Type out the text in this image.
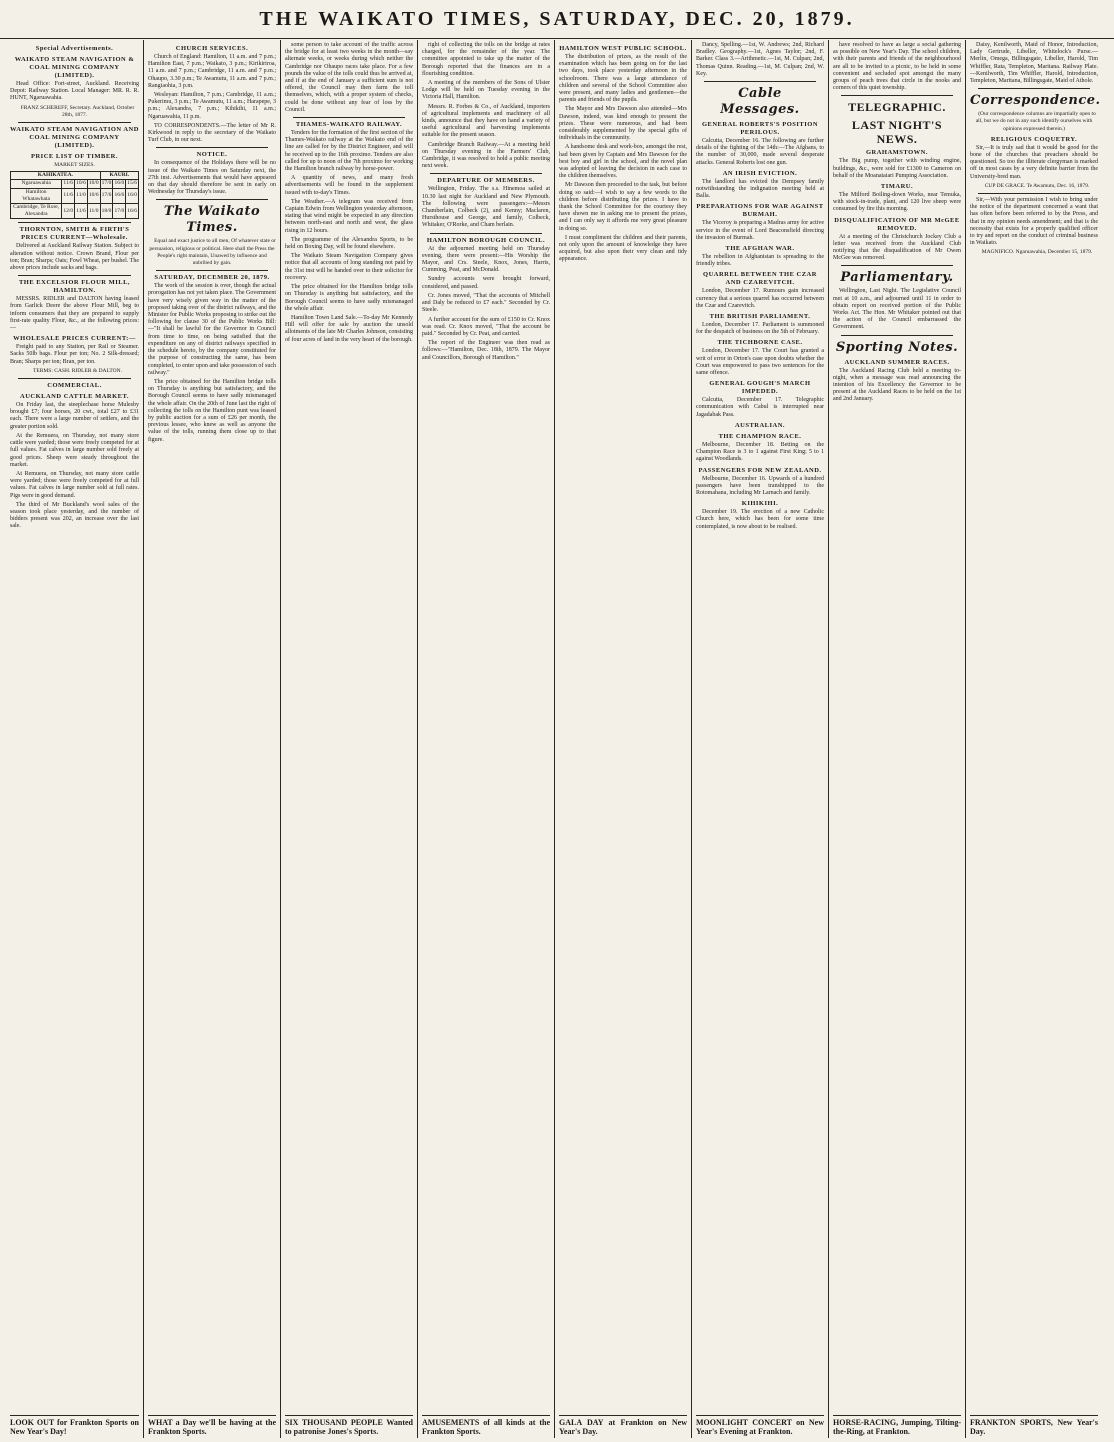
THE WAIKATO TIMES, SATURDAY, DEC. 20, 1879.
Special Advertisements.
WAIKATO STEAM NAVIGATION & COAL MINING COMPANY (LIMITED).
Head Office: Fort-street, Auckland. Receiving Depot: Railway Station. Local Manager: MR. R. R. HUNT, Ngaruawahia.
FRANZ SCHEREFF, Secretary. Auckland, October 28th, 1877.
WAIKATO STEAM NAVIGATION AND COAL MINING COMPANY (LIMITED).
PRICE LIST OF TIMBER.
MARKET SIZES.
KAHIKATEA.				KAURI.		
Ngaruawahia	11/6	10/6	10/0	17/0	16/0	15/6
Hamilton Whatawhata	11/6	11/0	10/6	17/6	16/6	16/0
Cambridge, Te Rore, Alexandra	12/0	11/6	11/0	18/0	17/0	16/6
THORNTON, SMITH & FIRTH'S PRICES CURRENT—Wholesale.

Delivered at Auckland Railway Station. Subject to alteration without notice. Crown Brand, Flour per ton; Bran; Sharps; Oats; Fowl Wheat, per bushel. The above prices include sacks and bags.

THE EXCELSIOR FLOUR MILL, HAMILTON.

MESSRS. RIDLER and DALTON having leased from Garlick Deere the above Flour Mill, beg to inform consumers that they are prepared to supply first-rate quality Flour, &c., at the following prices:—

WHOLESALE PRICES CURRENT:—

Freight paid to any Station, per Rail or Steamer. Sacks 50lb bags. Flour per ton; No. 2 Silk-dressed; Bran; Sharps per ton; Bran, per ton.

TERMS: CASH. RIDLER & DALTON.
COMMERCIAL.
AUCKLAND CATTLE MARKET.

On Friday last, the steeplechase horse Mulesby brought £7; four horses, 20 cwt., total £27 to £31 each. There were a large number of settlers, and the greater portion sold.

At the Remuera, on Thursday, not many store cattle were yarded; those were freely competed for at full values. Fat calves in large number sold freely at good prices. Sheep were steady throughout the market.

At Remuera, on Thursday, not many store cattle were yarded; those were freely competed for at full values. Fat calves in large number sold at full rates. Pigs were in good demand.

The third of Mr Buckland's wool sales of the season took place yesterday, and the number of bidders present was 202, an increase over the last sale.

LOOK OUT for Frankton Sports on New Year's Day!
CHURCH SERVICES.

Church of England: Hamilton, 11 a.m. and 7 p.m.; Hamilton East, 7 p.m.; Waikato, 3 p.m.; Kirikiriroa, 11 a.m. and 7 p.m.; Cambridge, 11 a.m. and 7 p.m.; Ohaupo, 3.30 p.m.; Te Awamutu, 11 a.m. and 7 p.m.; Rangiaohia, 3 p.m.

Wesleyan: Hamilton, 7 p.m.; Cambridge, 11 a.m.; Pukerimu, 3 p.m.; Te Awamutu, 11 a.m.; Harapepe, 3 p.m.; Alexandra, 7 p.m.; Kihikihi, 11 a.m.; Ngaruawahia, 11 p.m.

TO CORRESPONDENTS.—The letter of Mr R. Kirkwood in reply to the secretary of the Waikato Turf Club, in our next.

NOTICE.

In consequence of the Holidays there will be no issue of the Waikato Times on Saturday next, the 27th inst. Advertisements that would have appeared on that day should therefore be sent in early on Wednesday for Thursday's issue.

The Waikato Times.
Equal and exact justice to all men, Of whatever state or persuasion, religious or political. Here shall the Press the People's right maintain, Unawed by influence and unbribed by gain.
SATURDAY, DECEMBER 20, 1879.

The work of the session is over, though the actual prorogation has not yet taken place. The Government have very wisely given way in the matter of the proposed taking over of the district railways, and the Minister for Public Works proposing to strike out the following for clause 30 of the Public Works Bill:—"It shall be lawful for the Governor in Council from time to time, on being satisfied that the expenditure on any of district railways specified in the schedule hereto, by the company constituted for the purpose of constructing the same, has been completed, to enter upon and take possession of such railway."

The price obtained for the Hamilton bridge tolls on Thursday is anything but satisfactory, and the Borough Council seems to have sadly mismanaged the whole affair. On the 20th of June last the right of collecting the tolls on the Hamilton punt was leased by public auction for a sum of £26 per month, the previous lessee, who knew as well as anyone the value of the tolls, running them close up to that figure.

WHAT a Day we'll be having at the Frankton Sports.

some person to take account of the traffic across the bridge for at least two weeks in the month—say alternate weeks, or weeks during which neither the Cambridge nor Ohaupo races take place. For a few pounds the value of the tolls could thus be arrived at, and if at the end of January a sufficient sum is not offered, the Council may then farm the toll themselves, which, with a proper system of checks, could be done without any fear of loss by the Council.

THAMES-WAIKATO RAILWAY.

Tenders for the formation of the first section of the Thames-Waikato railway at the Waikato end of the line are called for by the District Engineer, and will be received up to the 16th proximo. Tenders are also called for up to noon of the 7th proximo for working the Hamilton branch railway by horse-power.

A quantity of news, and many fresh advertisements will be found in the supplement issued with to-day's Times.

The Weather.—A telegram was received from Captain Edwin from Wellington yesterday afternoon, stating that wind might be expected in any direction between north-east and north and west, the glass rising in 12 hours.

The programme of the Alexandra Sports, to be held on Boxing Day, will be found elsewhere.

The Waikato Steam Navigation Company gives notice that all accounts of long standing not paid by the 31st inst will be handed over to their solicitor for recovery.

The price obtained for the Hamilton bridge tolls on Thursday is anything but satisfactory, and the Borough Council seems to have sadly mismanaged the whole affair.

Hamilton Town Land Sale.—To-day Mr Kennedy Hill will offer for sale by auction the unsold allotments of the late Mr Charles Johnson, consisting of four acres of land in the very heart of the borough.

SIX THOUSAND PEOPLE Wanted to patronise Jones's Sports.

right of collecting the tolls on the bridge at rates charged, for the remainder of the year. The committee appointed to take up the matter of the Borough reported that the finances are in a flourishing condition.

A meeting of the members of the Sons of Ulster Lodge will be held on Tuesday evening in the Victoria Hall, Hamilton.

Messrs. R. Forbes & Co., of Auckland, importers of agricultural implements and machinery of all kinds, announce that they have on hand a variety of useful agricultural and harvesting implements suitable for the present season.

Cambridge Branch Railway.—At a meeting held on Thursday evening in the Farmers' Club, Cambridge, it was resolved to hold a public meeting next week.

DEPARTURE OF MEMBERS.

Wellington, Friday. The s.s. Hinemoa sailed at 10.30 last night for Auckland and New Plymouth. The following were passengers:—Messrs Chamberlain, Colbeck (2), and Kenny; Maclaren, Hursthouse and George, and family, Colbeck, Whitaker, O'Rorke, and Cham berlain.

HAMILTON BOROUGH COUNCIL.

At the adjourned meeting held on Thursday evening, there were present:—His Worship the Mayor, and Crs. Steele, Knox, Jones, Harris, Cumming, Peat, and McDonald.

Sundry accounts were brought forward, considered, and passed.

Cr. Jones moved, "That the accounts of Mitchell and Daly be reduced to £7 each." Seconded by Cr. Steele.

A further account for the sum of £150 to Cr. Knox was read. Cr. Knox moved, "That the account be paid." Seconded by Cr. Peat, and carried.

The report of the Engineer was then read as follows:—"Hamilton, Dec. 18th, 1879. The Mayor and Councillors, Borough of Hamilton."

AMUSEMENTS of all kinds at the Frankton Sports.
HAMILTON WEST PUBLIC SCHOOL.

The distribution of prizes, as the result of the examination which has been going on for the last two days, took place yesterday afternoon in the schoolroom. There was a large attendance of children and several of the School Committee also were present, and many ladies and gentlemen—the parents and friends of the pupils.

The Mayor and Mrs Dawson also attended—Mrs Dawson, indeed, was kind enough to present the prizes. These were numerous, and had been considerably supplemented by the special gifts of individuals in the community.

A handsome desk and work-box, amongst the rest, had been given by Captain and Mrs Dawson for the best boy and girl in the school, and the novel plan was adopted of leaving the decision in each case to the children themselves.

Mr Dawson then proceeded to the task, but before doing so said:—I wish to say a few words to the children before distributing the prizes. I have to thank the School Committee for the courtesy they have shown me in asking me to present the prizes, and I can only say it affords me very great pleasure in doing so.

I must compliment the children and their parents, not only upon the amount of knowledge they have acquired, but also upon their very clean and tidy appearance.

GALA DAY at Frankton on New Year's Day.

Dancy, Spelling.—1st, W. Andrews; 2nd, Richard Bradley. Geography.—1st, Agnes Taylor; 2nd, F. Barker. Class 3.—Arithmetic.—1st, M. Culpan; 2nd, Thomas Quinn. Reading.—1st, M. Culpan; 2nd, W. Key.

Cable Messages.
GENERAL ROBERTS'S POSITION PERILOUS.

Calcutta, December 16. The following are further details of the fighting of the 14th:—The Afghans, to the number of 30,000, made several desperate attacks. General Roberts lost one gun.

AN IRISH EVICTION.

The landlord has evicted the Dempsey family notwithstanding the indignation meeting held at Balla.

PREPARATIONS FOR WAR AGAINST BURMAH.

The Viceroy is preparing a Madras army for active service in the event of Lord Beaconsfield directing the invasion of Burmah.

THE AFGHAN WAR.

The rebellion in Afghanistan is spreading to the friendly tribes.

QUARREL BETWEEN THE CZAR AND CZAREVITCH.

London, December 17. Rumours gain increased currency that a serious quarrel has occurred between the Czar and Czarevitch.

THE BRITISH PARLIAMENT.

London, December 17. Parliament is summoned for the despatch of business on the 5th of February.

THE TICHBORNE CASE.

London, December 17. The Court has granted a writ of error in Orton's case upon doubts whether the Court was empowered to pass two sentences for the same offence.

GENERAL GOUGH'S MARCH IMPEDED.

Calcutta, December 17. Telegraphic communication with Cabul is interrupted near Jagadabak Pass.

AUSTRALIAN.
THE CHAMPION RACE.

Melbourne, December 18. Betting on the Champion Race is 3 to 1 against First King; 5 to 1 against Woodlands.

PASSENGERS FOR NEW ZEALAND.

Melbourne, December 16. Upwards of a hundred passengers have been transhipped to the Rotomahana, including Mr Larnach and family.

KIHIKIHI.

December 19. The erection of a new Catholic Church here, which has been for some time contemplated, is now about to be realised.

MOONLIGHT CONCERT on New Year's Evening at Frankton.

have resolved to have as large a social gathering as possible on New Year's Day. The school children, with their parents and friends of the neighbourhood are all to be invited to a picnic, to be held in some convenient and secluded spot amongst the many groups of peach trees that circle in the nooks and corners of this quiet township.

TELEGRAPHIC.
LAST NIGHT'S NEWS.
GRAHAMSTOWN.

The Big pump, together with winding engine, buildings, &c., were sold for £1300 to Cameron on behalf of the Moanataiari Pumping Association.

TIMARU.

The Milford Boiling-down Works, near Temuka, with stock-in-trade, plant, and 120 live sheep were consumed by fire this morning.

DISQUALIFICATION OF MR McGEE REMOVED.

At a meeting of the Christchurch Jockey Club a letter was received from the Auckland Club notifying that the disqualification of Mr Owen McGee was removed.

Parliamentary.

Wellington, Last Night. The Legislative Council met at 10 a.m., and adjourned until 11 in order to obtain report on received portion of the Public Works Act. The Hon. Mr Whitaker pointed out that the action of the Council embarrassed the Government.

Sporting Notes.
AUCKLAND SUMMER RACES.

The Auckland Racing Club held a meeting to-night, when a message was read announcing the intention of his Excellency the Governor to be present at the Auckland Races to be held on the 1st and 2nd January.

HORSE-RACING, Jumping, Tilting-the-Ring, at Frankton.

Daisy, Kenilworth, Maid of Honor, Introduction, Lady Gertrude, Libeller, Whitelock's Purse.—Merlin, Omega, Billingsgate, Libeller, Harold, Tim Whiffler, Rata, Templeton, Maritana. Railway Plate.—Kenilworth, Tim Whiffler, Harold, Introduction, Templeton, Maritana, Billingsgate, Maid of Athole.

Correspondence.
(Our correspondence columns are impartially open to all, but we do not in any such identify ourselves with opinions expressed therein.)
RELIGIOUS COQUETRY.

Sir,—It is truly sad that it would be good for the bone of the churches that preachers should be questioned. So too the illiterate clergyman is marked off in most cases by a very definite barrier from the University-bred man.

CUP DE GRACE. Te Awamutu, Dec. 16, 1879.

Sir,—With your permission I wish to bring under the notice of the department concerned a want that has often before been referred to by the Press, and that in my opinion needs amendment; and that is the necessity that exists for a properly qualified officer to try and report on the conduct of criminal business in Waikato.

MAGNIFICO. Ngaruawahia, December 15, 1879.
FRANKTON SPORTS, New Year's Day.
